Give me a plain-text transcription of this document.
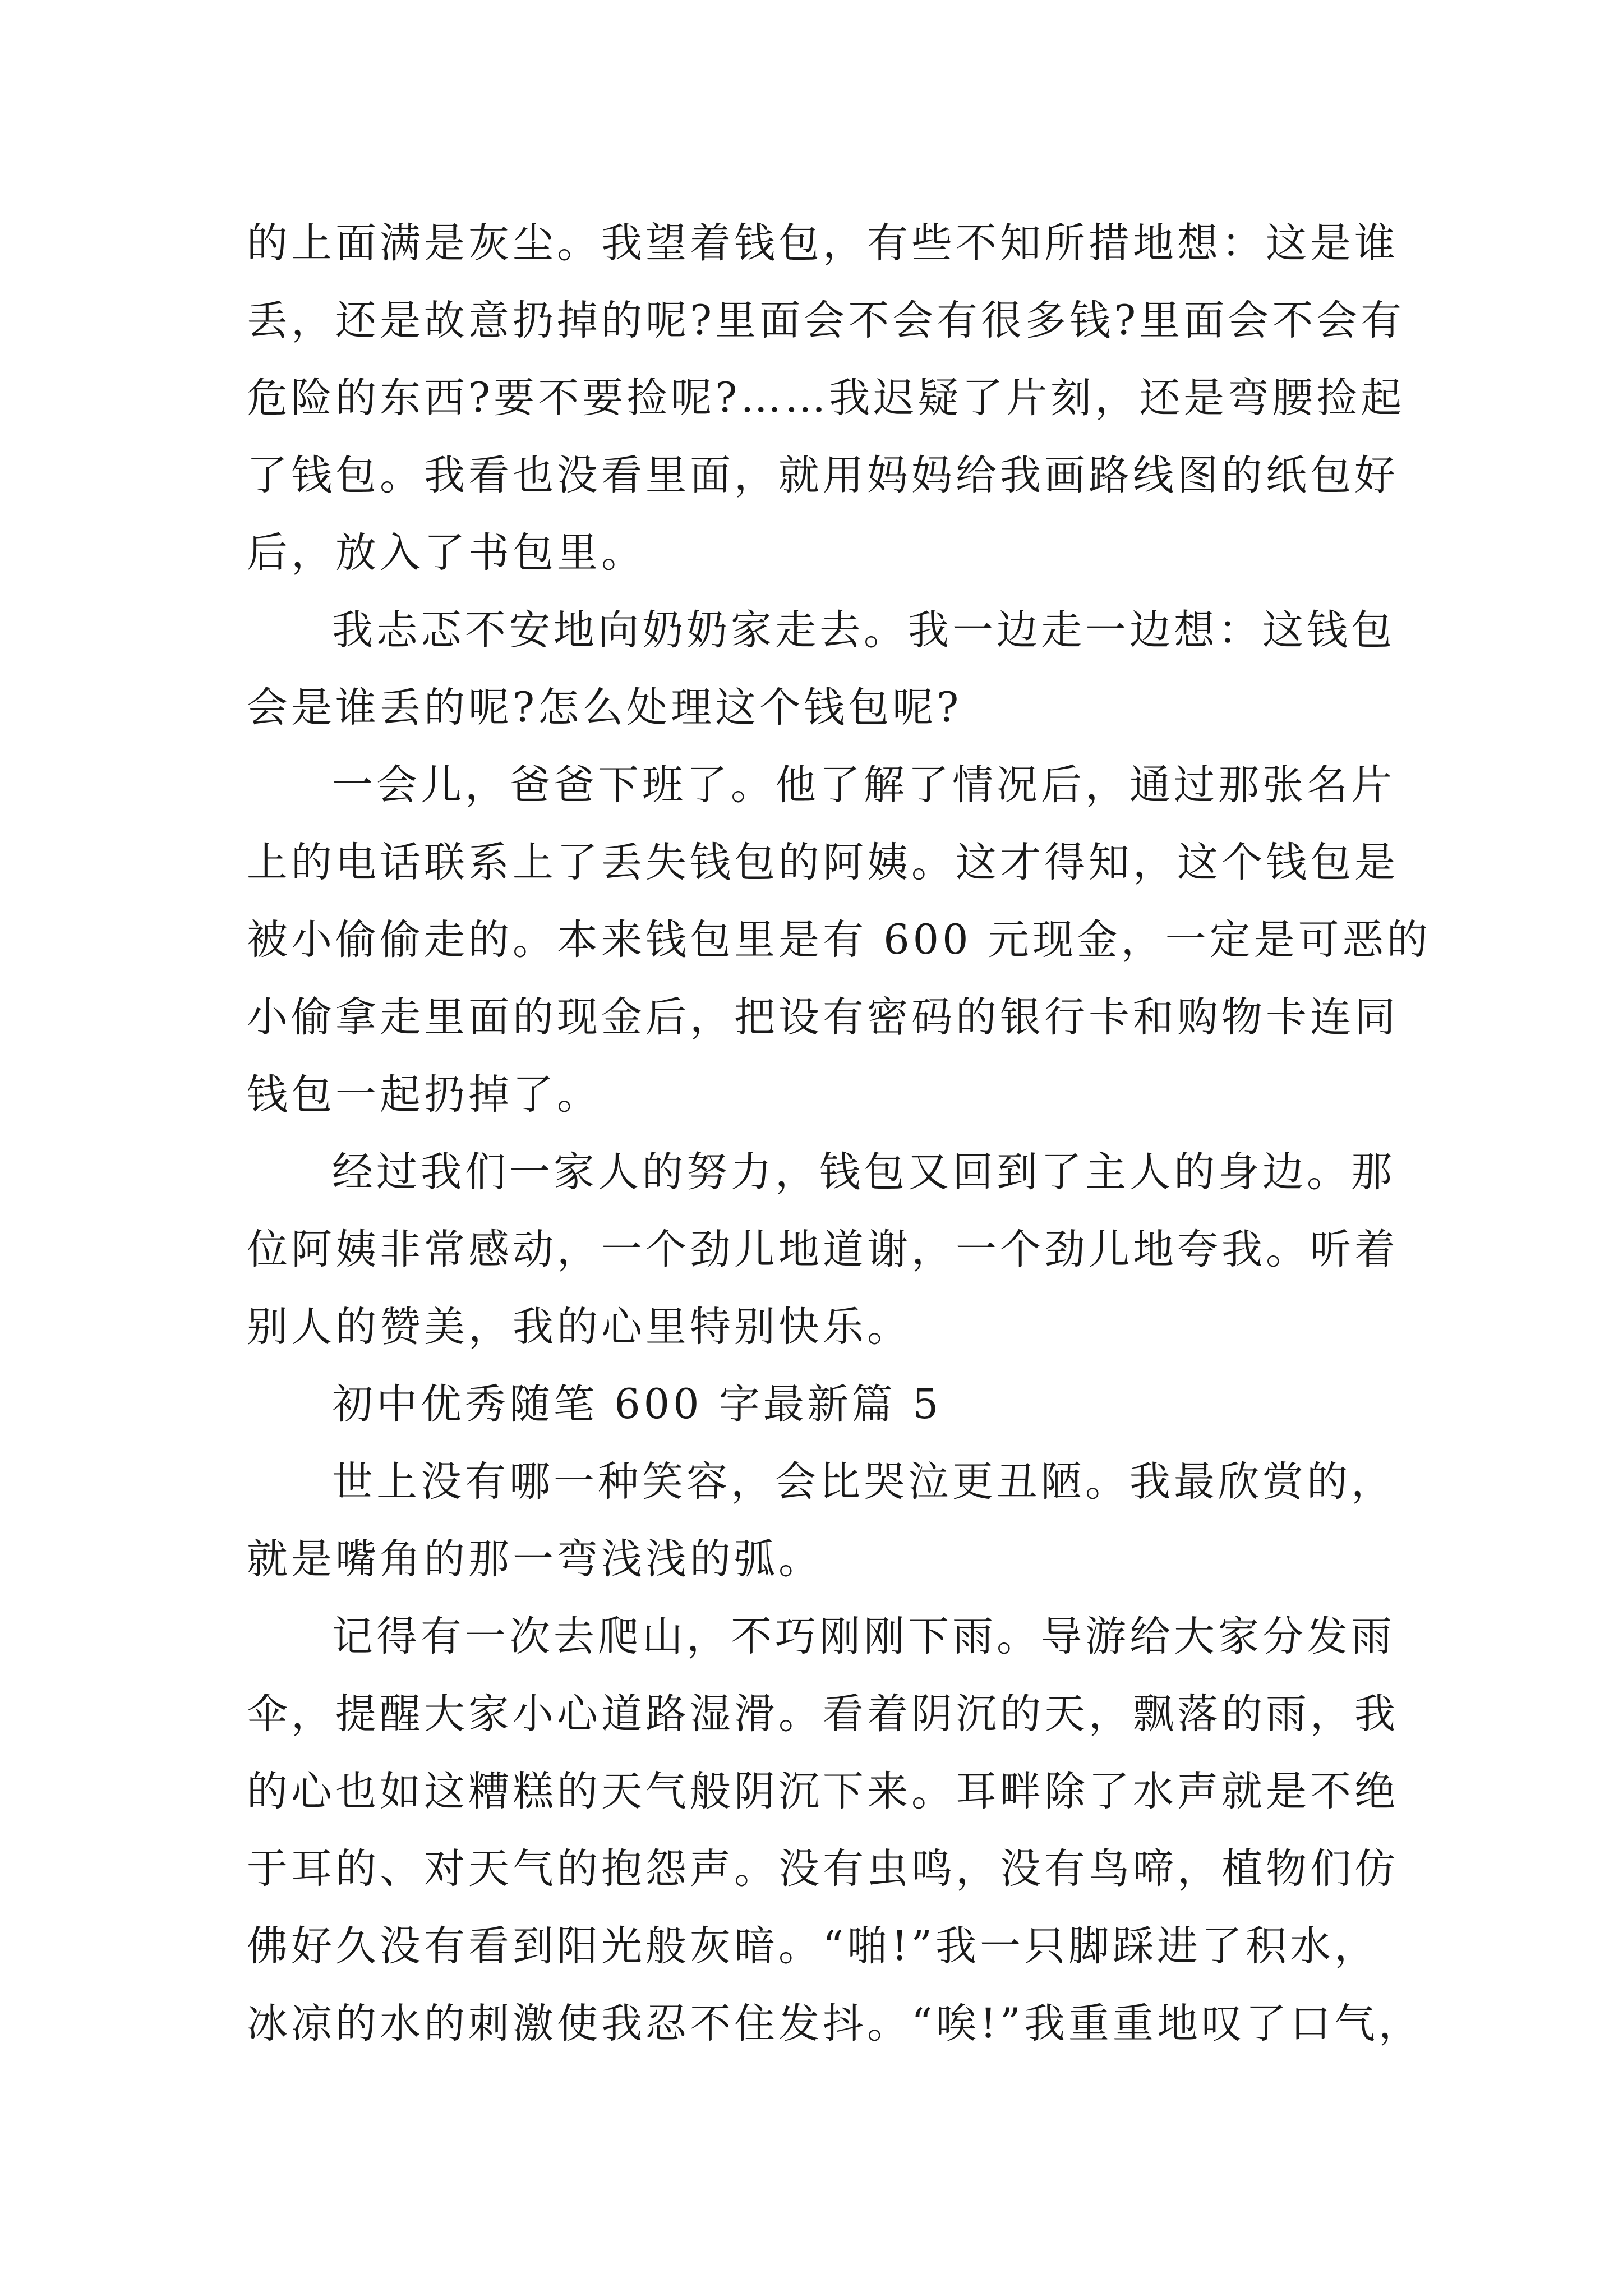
的上面满是灰尘。我望着钱包，有些不知所措地想：这是谁
丢，还是故意扔掉的呢?里面会不会有很多钱?里面会不会有
危险的东西?要不要捡呢?……我迟疑了片刻，还是弯腰捡起
了钱包。我看也没看里面，就用妈妈给我画路线图的纸包好
后，放入了书包里。
我忐忑不安地向奶奶家走去。我一边走一边想：这钱包
会是谁丢的呢?怎么处理这个钱包呢?
一会儿，爸爸下班了。他了解了情况后，通过那张名片
上的电话联系上了丢失钱包的阿姨。这才得知，这个钱包是
被小偷偷走的。本来钱包里是有 600 元现金，一定是可恶的
小偷拿走里面的现金后，把设有密码的银行卡和购物卡连同
钱包一起扔掉了。
经过我们一家人的努力，钱包又回到了主人的身边。那
位阿姨非常感动，一个劲儿地道谢，一个劲儿地夸我。听着
别人的赞美，我的心里特别快乐。
初中优秀随笔 600 字最新篇 5
世上没有哪一种笑容，会比哭泣更丑陋。我最欣赏的，
就是嘴角的那一弯浅浅的弧。
记得有一次去爬山，不巧刚刚下雨。导游给大家分发雨
伞，提醒大家小心道路湿滑。看着阴沉的天，飘落的雨，我
的心也如这糟糕的天气般阴沉下来。耳畔除了水声就是不绝
于耳的、对天气的抱怨声。没有虫鸣，没有鸟啼，植物们仿
佛好久没有看到阳光般灰暗。“啪!”我一只脚踩进了积水，
冰凉的水的刺激使我忍不住发抖。“唉!”我重重地叹了口气，
